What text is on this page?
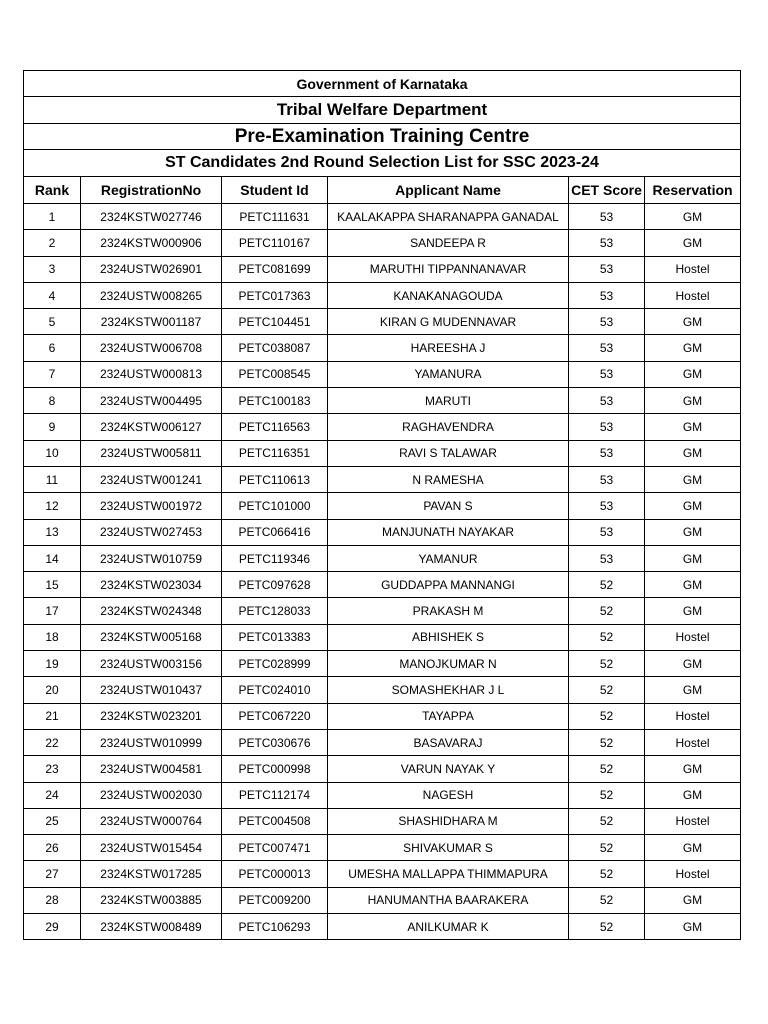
Government of Karnataka					
Tribal Welfare Department					
Pre-Examination Training Centre					
ST Candidates 2nd Round Selection List for SSC 2023-24					
Rank	RegistrationNo	Student Id	Applicant Name	CET Score	Reservation
1	2324KSTW027746	PETC111631	KAALAKAPPA SHARANAPPA GANADAL	53	GM
2	2324KSTW000906	PETC110167	SANDEEPA R	53	GM
3	2324USTW026901	PETC081699	MARUTHI TIPPANNANAVAR	53	Hostel
4	2324USTW008265	PETC017363	KANAKANAGOUDA	53	Hostel
5	2324KSTW001187	PETC104451	KIRAN G MUDENNAVAR	53	GM
6	2324USTW006708	PETC038087	HAREESHA J	53	GM
7	2324USTW000813	PETC008545	YAMANURA	53	GM
8	2324USTW004495	PETC100183	MARUTI	53	GM
9	2324KSTW006127	PETC116563	RAGHAVENDRA	53	GM
10	2324USTW005811	PETC116351	RAVI S TALAWAR	53	GM
11	2324USTW001241	PETC110613	N RAMESHA	53	GM
12	2324USTW001972	PETC101000	PAVAN S	53	GM
13	2324USTW027453	PETC066416	MANJUNATH NAYAKAR	53	GM
14	2324USTW010759	PETC119346	YAMANUR	53	GM
15	2324KSTW023034	PETC097628	GUDDAPPA MANNANGI	52	GM
17	2324KSTW024348	PETC128033	PRAKASH M	52	GM
18	2324KSTW005168	PETC013383	ABHISHEK S	52	Hostel
19	2324USTW003156	PETC028999	MANOJKUMAR N	52	GM
20	2324USTW010437	PETC024010	SOMASHEKHAR J L	52	GM
21	2324KSTW023201	PETC067220	TAYAPPA	52	Hostel
22	2324USTW010999	PETC030676	BASAVARAJ	52	Hostel
23	2324USTW004581	PETC000998	VARUN NAYAK Y	52	GM
24	2324USTW002030	PETC112174	NAGESH	52	GM
25	2324USTW000764	PETC004508	SHASHIDHARA M	52	Hostel
26	2324USTW015454	PETC007471	SHIVAKUMAR S	52	GM
27	2324KSTW017285	PETC000013	UMESHA MALLAPPA THIMMAPURA	52	Hostel
28	2324KSTW003885	PETC009200	HANUMANTHA BAARAKERA	52	GM
29	2324KSTW008489	PETC106293	ANILKUMAR K	52	GM
